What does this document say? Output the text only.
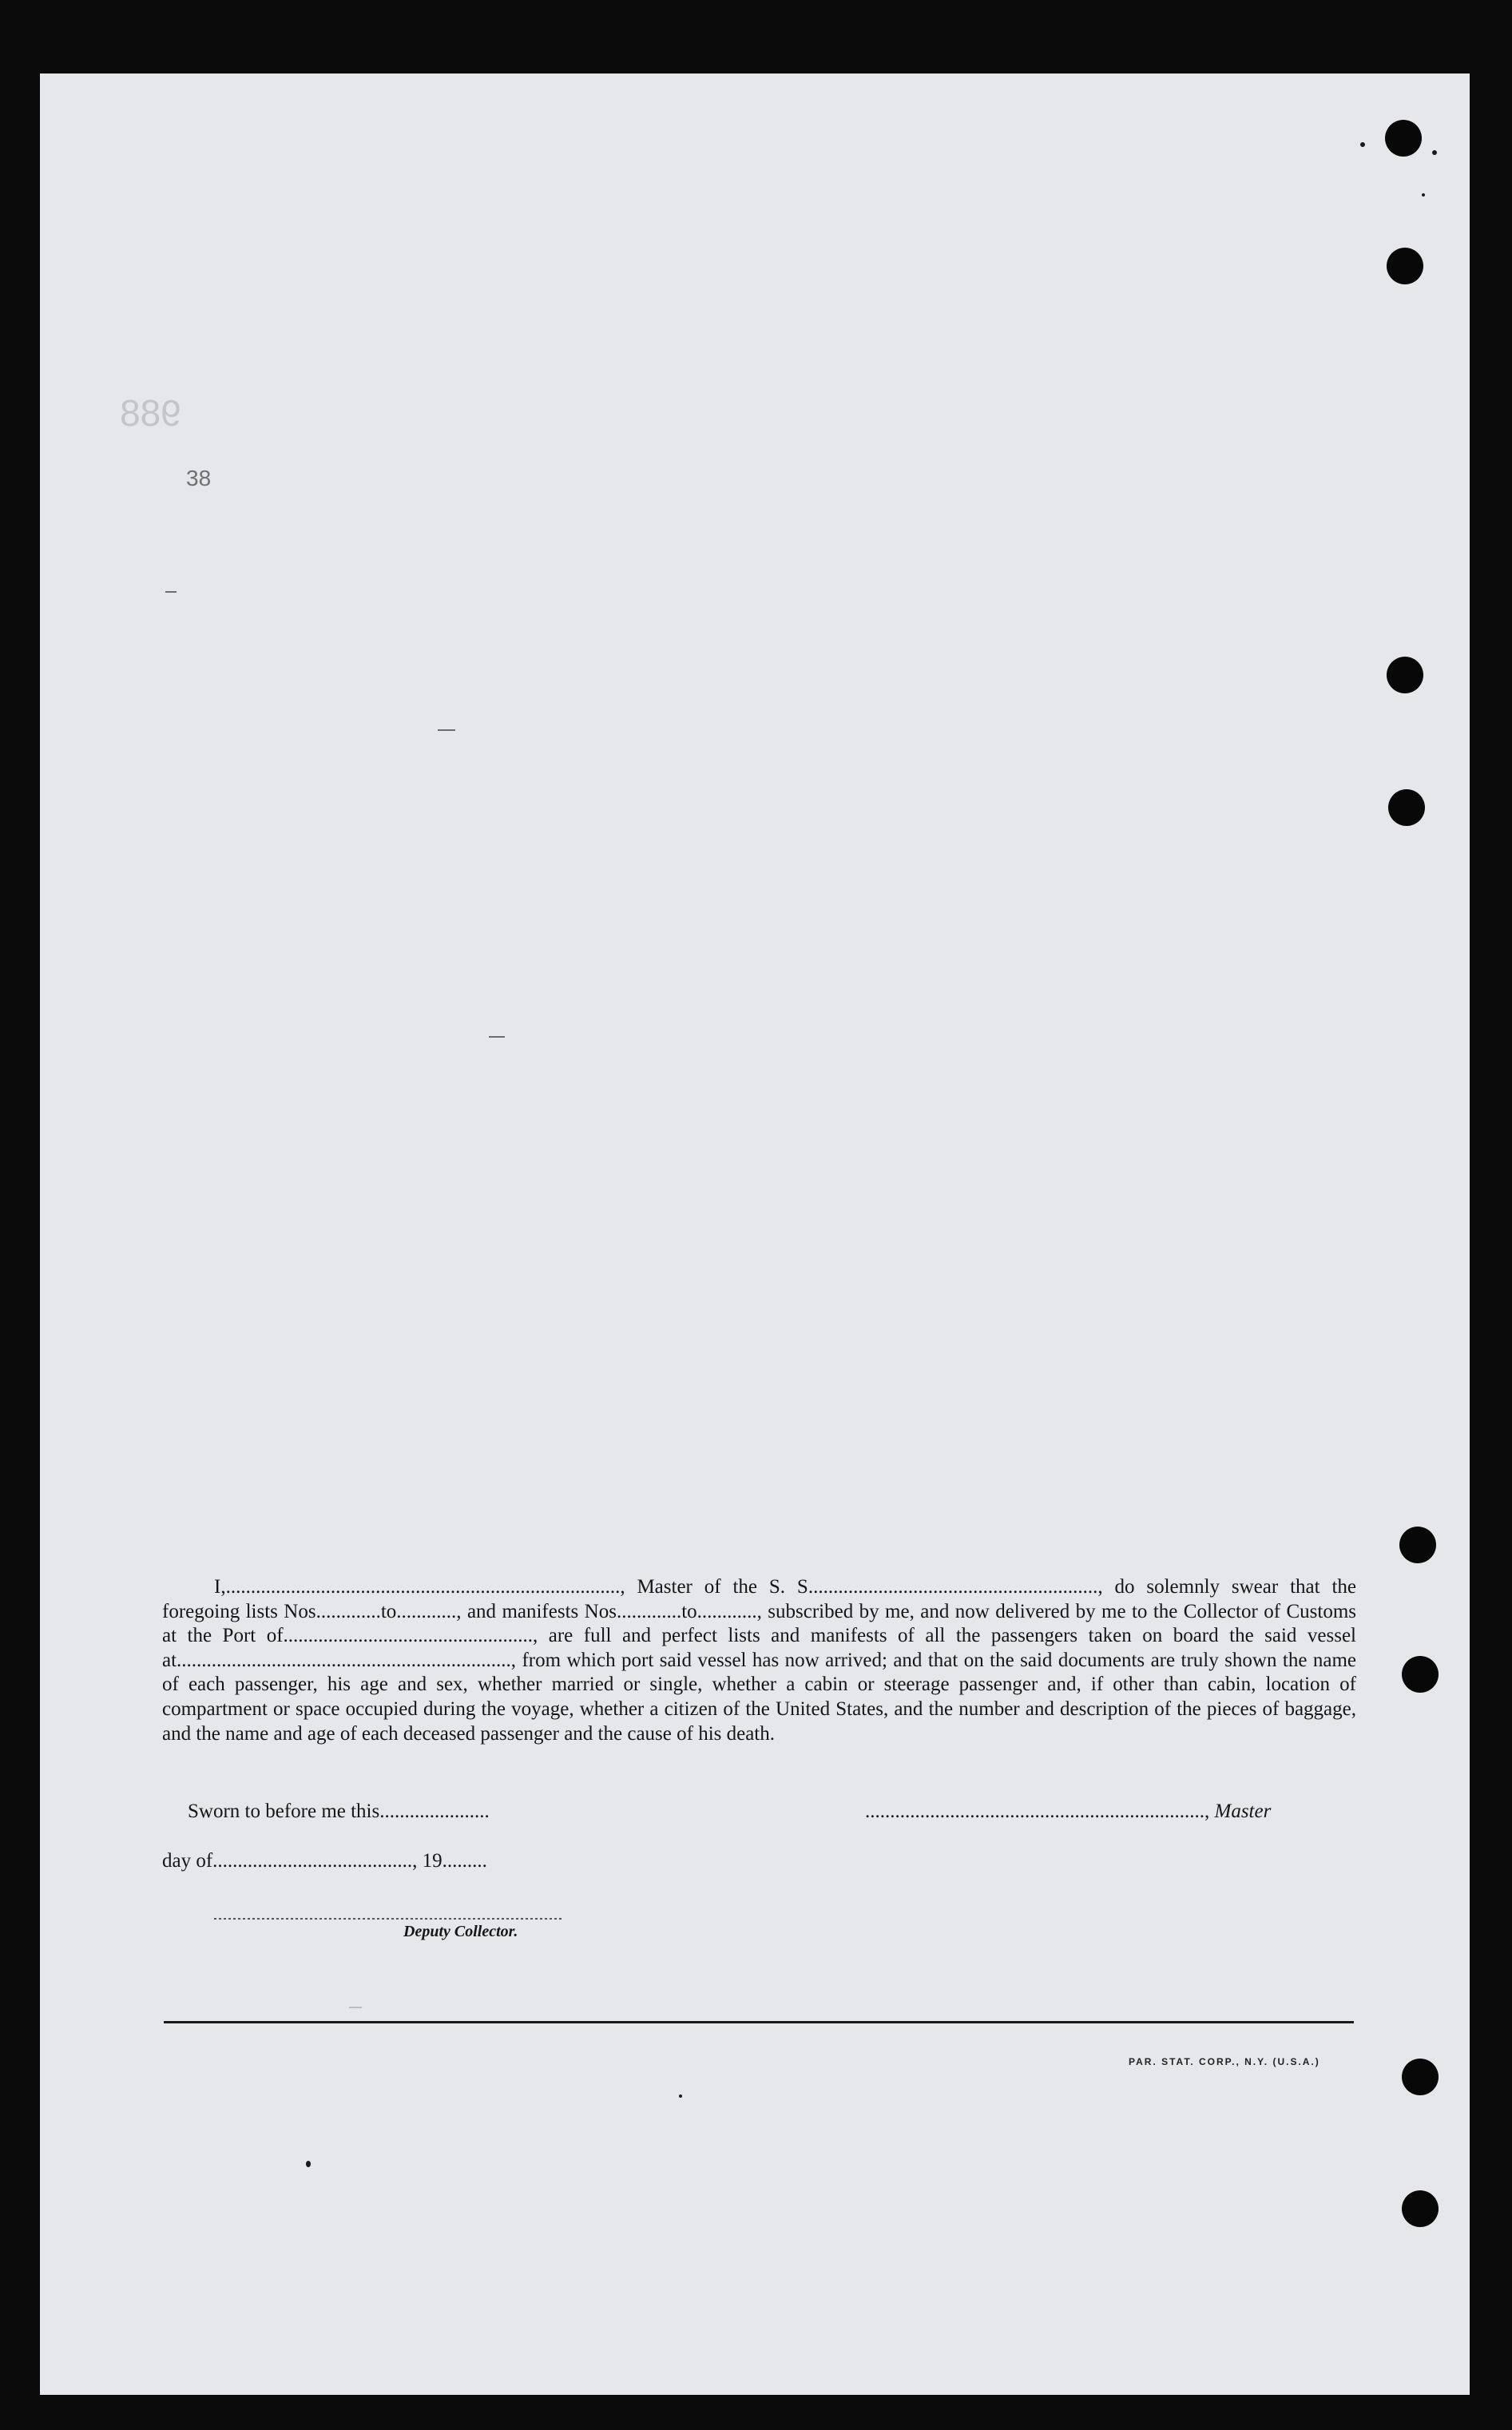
988
38

I,..............................................................................., Master of the S. S.........................................................., do solemnly swear that the foregoing lists Nos.............to............, and manifests Nos.............to............, subscribed by me, and now delivered by me to the Collector of Customs at the Port of.................................................., are full and perfect lists and manifests of all the passengers taken on board the said vessel at..................................................................., from which port said vessel has now arrived; and that on the said documents are truly shown the name of each passenger, his age and sex, whether married or single, whether a cabin or steerage passenger and, if other than cabin, location of compartment or space occupied during the voyage, whether a citizen of the United States, and the number and description of the pieces of baggage, and the name and age of each deceased passenger and the cause of his death.

Sworn to before me this......................	...................................................................., Master
day of........................................, 19.........
Deputy Collector.
PAR. STAT. CORP., N.Y. (U.S.A.)
